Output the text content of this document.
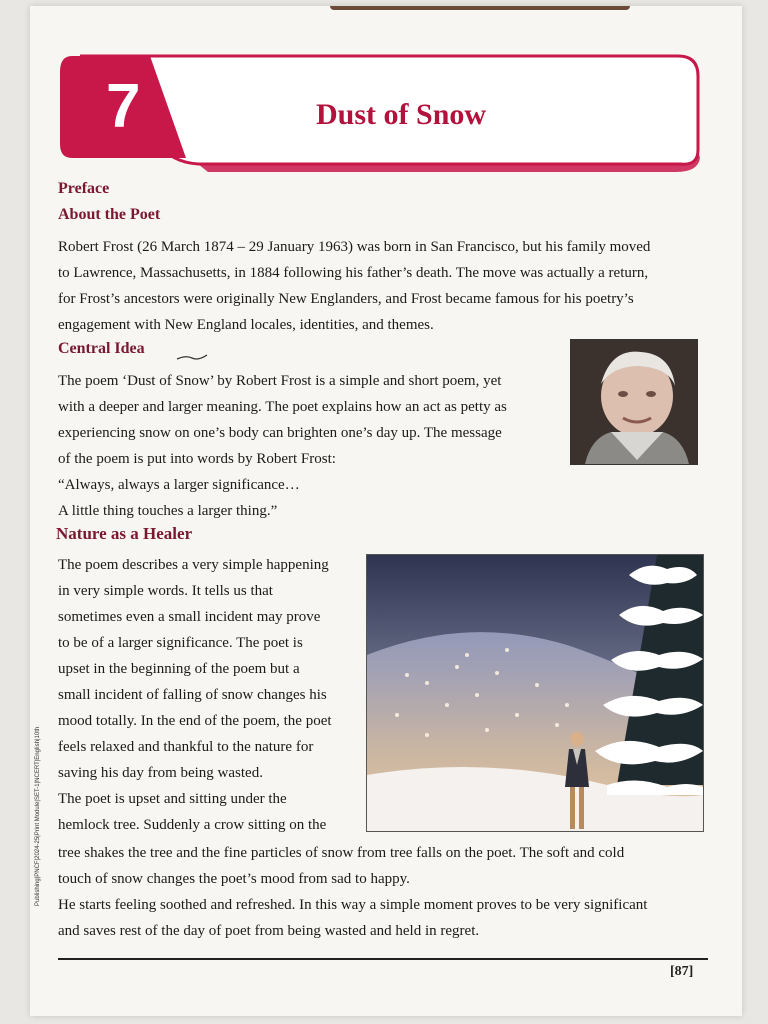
7	Dust of Snow
Preface
About the Poet
Robert Frost (26 March 1874 – 29 January 1963) was born in San Francisco, but his family moved
to Lawrence, Massachusetts, in 1884 following his father’s death. The move was actually a return,
for Frost’s ancestors were originally New Englanders, and Frost became famous for his poetry’s
engagement with New England locales, identities, and themes.
Central Idea
The poem ‘Dust of Snow’ by Robert Frost is a simple and short poem, yet
with a deeper and larger meaning. The poet explains how an act as petty as
experiencing snow on one’s body can brighten one’s day up. The message
of the poem is put into words by Robert Frost:
“Always, always a larger significance…
A little thing touches a larger thing.”
Nature as a Healer
The poem describes a very simple happening
in very simple words. It tells us that
sometimes even a small incident may prove
to be of a larger significance. The poet is
upset in the beginning of the poem but a
small incident of falling of snow changes his
mood totally. In the end of the poem, the poet
feels relaxed and thankful to the nature for
saving his day from being wasted.
The poet is upset and sitting under the
hemlock tree. Suddenly a crow sitting on the
tree shakes the tree and the fine particles of snow from tree falls on the poet. The soft and cold
touch of snow changes the poet’s mood from sad to happy.
He starts feeling soothed and refreshed. In this way a simple moment proves to be very significant
and saves rest of the day of poet from being wasted and held in regret.
Publishing|PNCF|2024-25|Print Module|SET-1|NCERT|English|10th
[87]
